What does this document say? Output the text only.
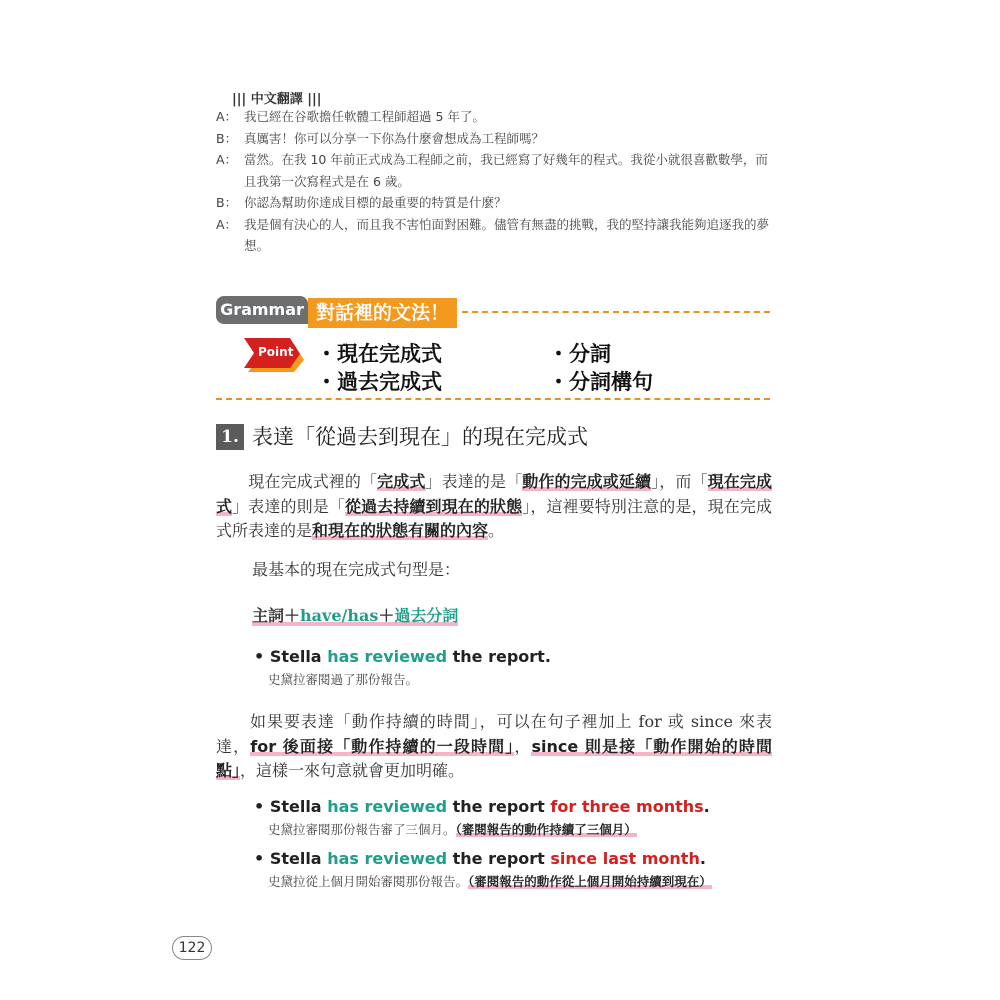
||| 中文翻譯 |||
A： 我已經在谷歌擔任軟體工程師超過 5 年了。
B： 真厲害！你可以分享一下你為什麼會想成為工程師嗎？
A： 當然。在我 10 年前正式成為工程師之前，我已經寫了好幾年的程式。我從小就很喜歡數學，而且我第一次寫程式是在 6 歲。
B： 你認為幫助你達成目標的最重要的特質是什麼？
A： 我是個有決心的人，而且我不害怕面對困難。儘管有無盡的挑戰，我的堅持讓我能夠追逐我的夢想。
對話裡的文法！
Grammar
Point ・現在完成式	・分詞
・過去完成式	・分詞構句
1. 表達「從過去到現在」的現在完成式
　　現在完成式裡的「完成式」表達的是「動作的完成或延續」，而「現在完成式」表達的則是「從過去持續到現在的狀態」，這裡要特別注意的是，現在完成式所表達的是和現在的狀態有關的內容。
最基本的現在完成式句型是：
主詞＋have/has＋過去分詞
• Stella has reviewed the report.
史黛拉審閱過了那份報告。
　　如果要表達「動作持續的時間」，可以在句子裡加上 for 或 since 來表達，for 後面接「動作持續的一段時間」，since 則是接「動作開始的時間點」，這樣一來句意就會更加明確。
• Stella has reviewed the report for three months.
史黛拉審閱那份報告審了三個月。（審閱報告的動作持續了三個月）
• Stella has reviewed the report since last month.
史黛拉從上個月開始審閱那份報告。（審閱報告的動作從上個月開始持續到現在）
122
